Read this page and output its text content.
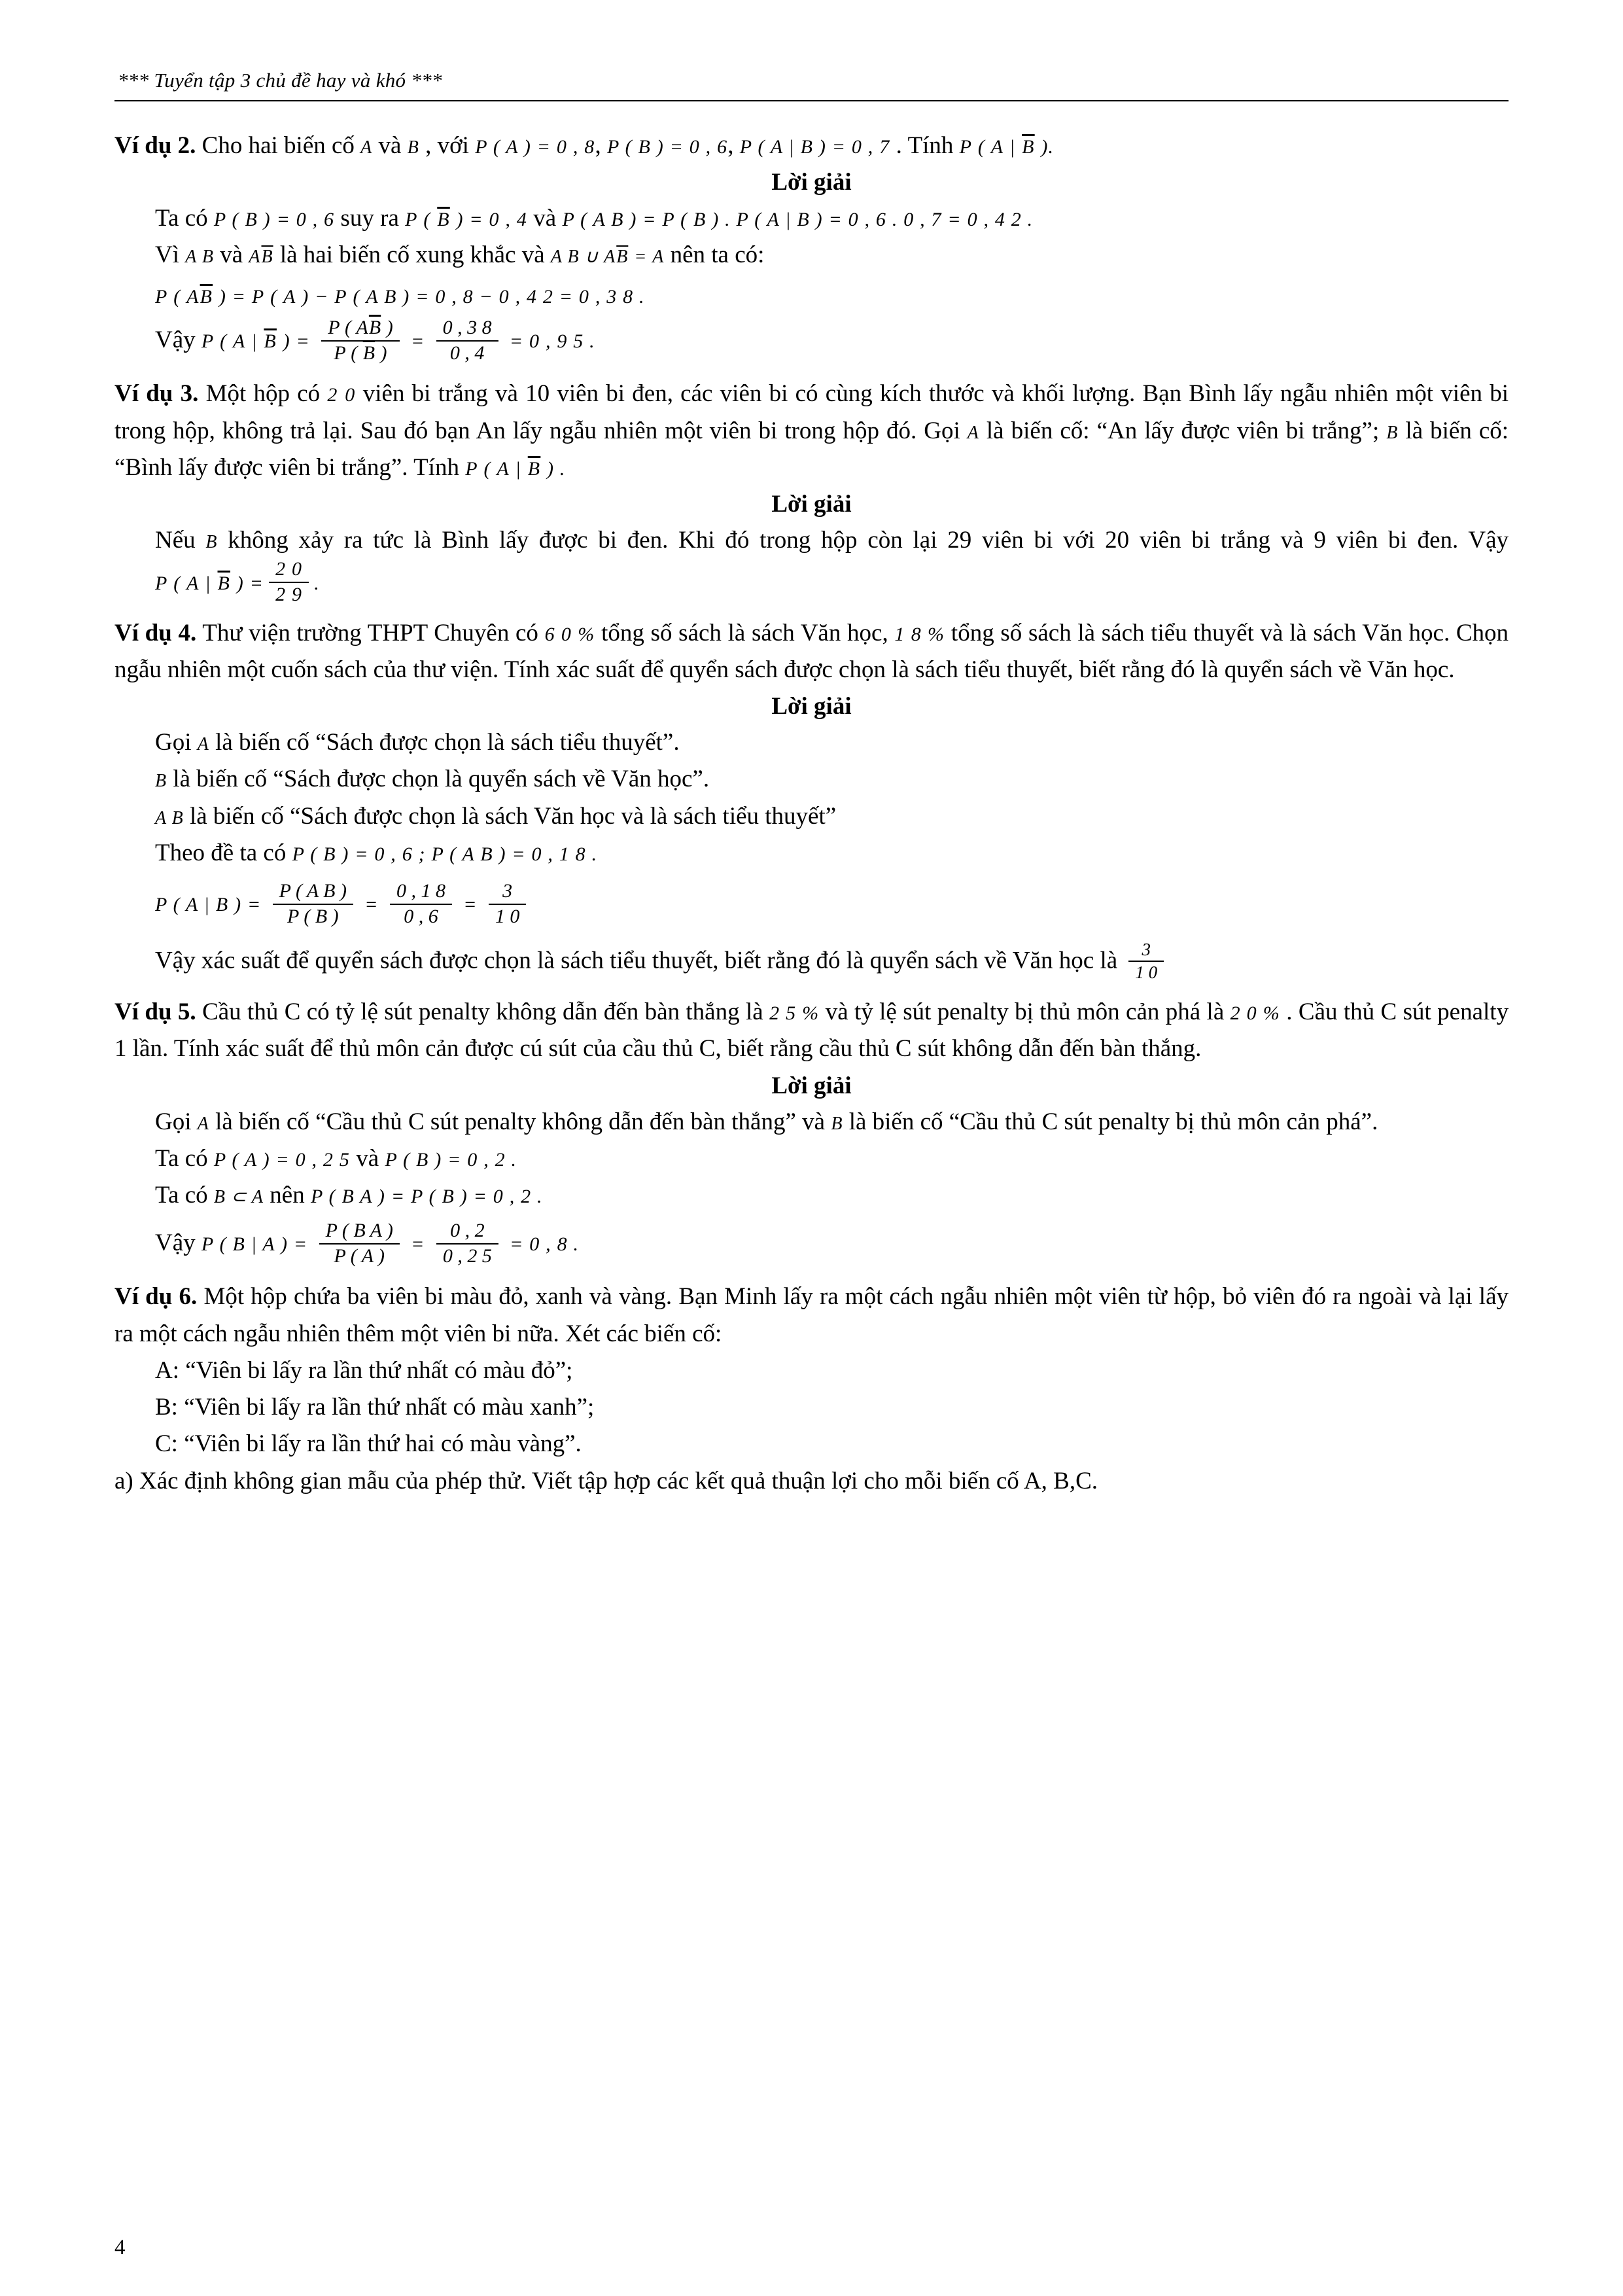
*** Tuyển tập 3 chủ đề hay và khó ***
Ví dụ 2. Cho hai biến cố A và B , với P ( A ) = 0 , 8, P ( B ) = 0 , 6, P ( A | B ) = 0 , 7 . Tính P ( A | $\overline{B}$ ).
Lời giải
Ta có P ( B ) = 0 , 6 suy ra P ( $\overline{B}$ ) = 0 , 4 và P ( A B ) = P ( B ) . P ( A | B ) = 0 , 6 . 0 , 7 = 0 , 4 2 .
Vì A B và $A\overline{B}$ là hai biến cố xung khắc và A B ∪ $A\overline{B} = A$ nên ta có:
P ( $A\overline{B}$ ) = P ( A ) − P ( A B ) = 0 , 8 − 0 , 4 2 = 0 , 3 8 .
Vậy P ( A | $\overline{B}$ ) = $\frac{P ( A\overline{B} )}{P ( \overline{B} )} = \frac{0 , 3 8}{0 , 4} = 0$ , 9 5 .
Ví dụ 3. Một hộp có 2 0 viên bi trắng và 10 viên bi đen, các viên bi có cùng kích thước và khối lượng. Bạn Bình lấy ngẫu nhiên một viên bi trong hộp, không trả lại. Sau đó bạn An lấy ngẫu nhiên một viên bi trong hộp đó. Gọi A là biến cố: “An lấy được viên bi trắng”; B là biến cố: “Bình lấy được viên bi trắng”. Tính P ( A | $\overline{B}$ ) .
Lời giải
Nếu B không xảy ra tức là Bình lấy được bi đen. Khi đó trong hộp còn lại 29 viên bi với 20 viên bi trắng và 9 viên bi đen. Vậy
P ( A | $\overline{B}$ ) = $\frac{2 0}{2 9}$ .
Ví dụ 4. Thư viện trường THPT Chuyên có 6 0 % tổng số sách là sách Văn học, 1 8 % tổng số sách là sách tiểu thuyết và là sách Văn học. Chọn ngẫu nhiên một cuốn sách của thư viện. Tính xác suất để quyển sách được chọn là sách tiểu thuyết, biết rằng đó là quyển sách về Văn học.
Lời giải
Gọi A là biến cố “Sách được chọn là sách tiểu thuyết”.
B là biến cố “Sách được chọn là quyển sách về Văn học”.
A B là biến cố “Sách được chọn là sách Văn học và là sách tiểu thuyết”
Theo đề ta có P ( B ) = 0 , 6 ; P ( A B ) = 0 , 1 8 .
P ( A | B ) = $\frac{\text{P ( A B )}}{P ( B )} = \frac{0 , 1 8}{0 , 6} = \frac{3}{1 0}$
Vậy xác suất để quyển sách được chọn là sách tiểu thuyết, biết rằng đó là quyển sách về Văn học là $\frac{3}{1 0}$
Ví dụ 5. Cầu thủ C có tỷ lệ sút penalty không dẫn đến bàn thắng là 2 5 % và tỷ lệ sút penalty bị thủ môn cản phá là 2 0 % . Cầu thủ C sút penalty 1 lần. Tính xác suất để thủ môn cản được cú sút của cầu thủ C, biết rằng cầu thủ C sút không dẫn đến bàn thắng.
Lời giải
Gọi A là biến cố “Cầu thủ C sút penalty không dẫn đến bàn thắng” và B là biến cố “Cầu thủ C sút penalty bị thủ môn cản phá”.
Ta có P ( A ) = 0 , 2 5 và P ( B ) = 0 , 2 .
Ta có B ⊂ A nên P ( B A ) = P ( B ) = 0 , 2 .
Vậy P ( B | A ) = $\frac{\text{P ( B A )}}{P ( A )} = \frac{0 , 2}{0 , 2 5} = 0$ , 8 .
Ví dụ 6. Một hộp chứa ba viên bi màu đỏ, xanh và vàng. Bạn Minh lấy ra một cách ngẫu nhiên một viên từ hộp, bỏ viên đó ra ngoài và lại lấy ra một cách ngẫu nhiên thêm một viên bi nữa. Xét các biến cố:
A: “Viên bi lấy ra lần thứ nhất có màu đỏ”;
B: “Viên bi lấy ra lần thứ nhất có màu xanh”;
C: “Viên bi lấy ra lần thứ hai có màu vàng”.
a) Xác định không gian mẫu của phép thử. Viết tập hợp các kết quả thuận lợi cho mỗi biến cố A, B,C.
4
